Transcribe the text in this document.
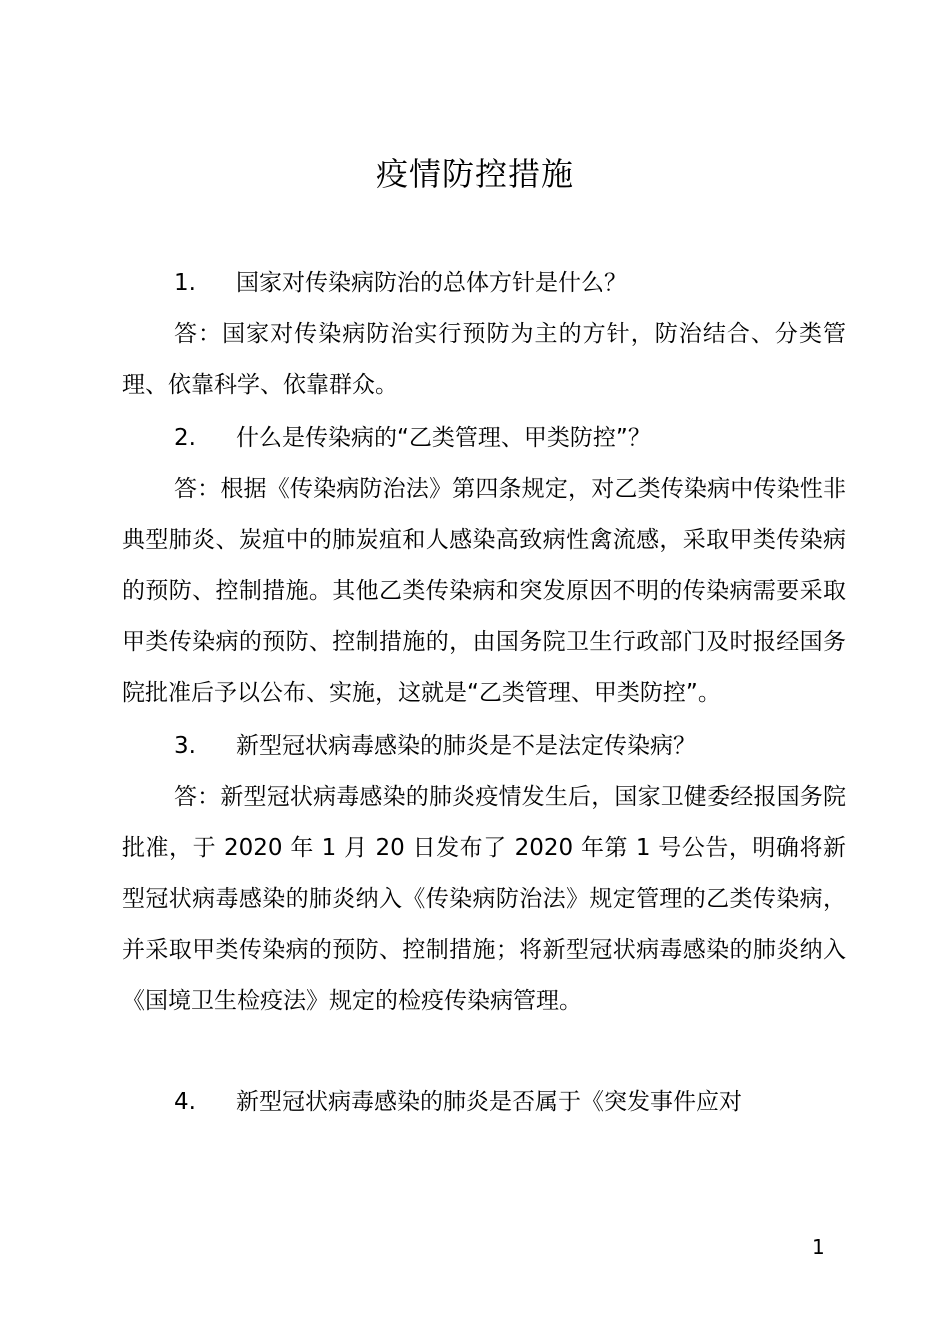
疫情防控措施

1. 国家对传染病防治的总体方针是什么？

答：国家对传染病防治实行预防为主的方针，防治结合、分类管理、依靠科学、依靠群众。

2. 什么是传染病的“乙类管理、甲类防控”？

答：根据《传染病防治法》第四条规定，对乙类传染病中传染性非典型肺炎、炭疽中的肺炭疽和人感染高致病性禽流感，采取甲类传染病的预防、控制措施。其他乙类传染病和突发原因不明的传染病需要采取甲类传染病的预防、控制措施的，由国务院卫生行政部门及时报经国务院批准后予以公布、实施，这就是“乙类管理、甲类防控”。

3. 新型冠状病毒感染的肺炎是不是法定传染病？

答：新型冠状病毒感染的肺炎疫情发生后，国家卫健委经报国务院批准，于 2020 年 1 月 20 日发布了 2020 年第 1 号公告，明确将新型冠状病毒感染的肺炎纳入《传染病防治法》规定管理的乙类传染病，并采取甲类传染病的预防、控制措施；将新型冠状病毒感染的肺炎纳入《国境卫生检疫法》规定的检疫传染病管理。

4. 新型冠状病毒感染的肺炎是否属于《突发事件应对

1
